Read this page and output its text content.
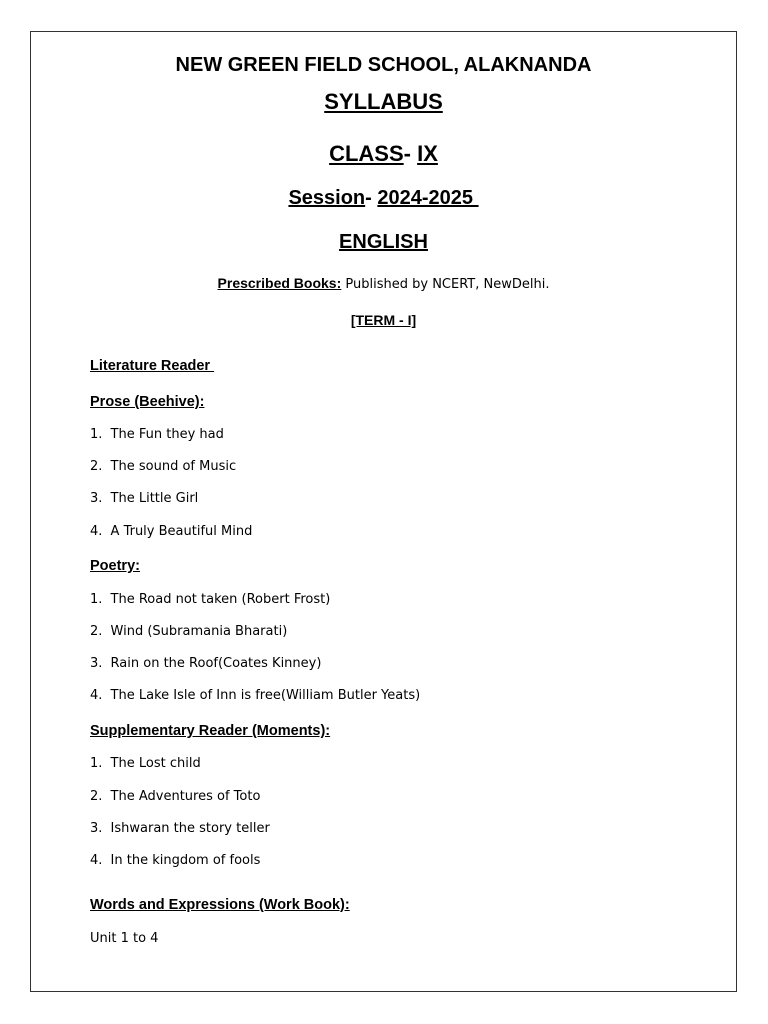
NEW GREEN FIELD SCHOOL, ALAKNANDA
SYLLABUS
CLASS- IX
Session- 2024-2025
ENGLISH
Prescribed Books: Published by NCERT, NewDelhi.
[TERM - I]
Literature Reader
Prose (Beehive):
1. The Fun they had
2. The sound of Music
3. The Little Girl
4. A Truly Beautiful Mind
Poetry:
1. The Road not taken (Robert Frost)
2. Wind (Subramania Bharati)
3. Rain on the Roof(Coates Kinney)
4. The Lake Isle of Inn is free(William Butler Yeats)
Supplementary Reader (Moments):
1. The Lost child
2. The Adventures of Toto
3. Ishwaran the story teller
4. In the kingdom of fools
Words and Expressions (Work Book):
Unit 1 to 4
